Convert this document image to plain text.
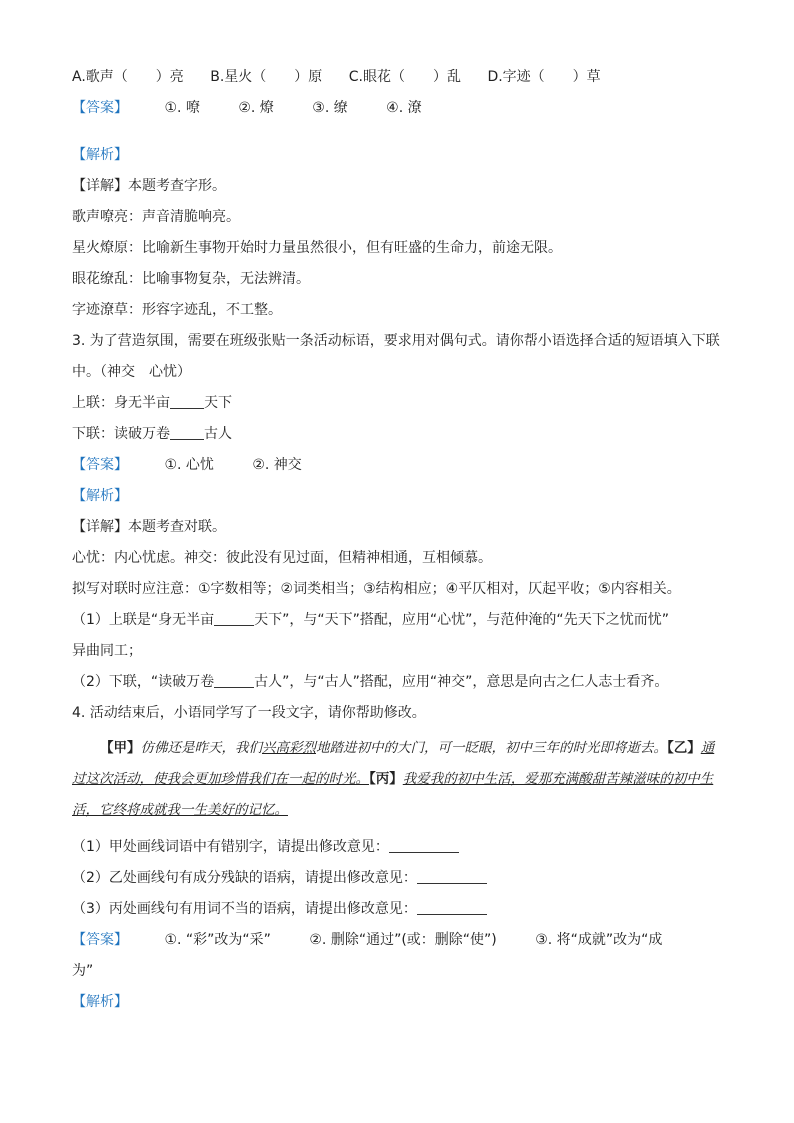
A.歌声（　　）亮 B.星火（　　）原 C.眼花（　　）乱 D.字迹（　　）草
【答案】	①. 嘹	②. 燎	③. 缭	④. 潦
【解析】
【详解】本题考查字形。
歌声嘹亮：声音清脆响亮。
星火燎原：比喻新生事物开始时力量虽然很小，但有旺盛的生命力，前途无限。
眼花缭乱：比喻事物复杂，无法辨清。
字迹潦草：形容字迹乱，不工整。
3. 为了营造氛围，需要在班级张贴一条活动标语，要求用对偶句式。请你帮小语选择合适的短语填入下联
中。（神交　心忧）
上联：身无半亩 天下
下联：读破万卷 古人
【答案】	①. 心忧	②. 神交
【解析】
【详解】本题考查对联。
心忧：内心忧虑。神交：彼此没有见过面，但精神相通，互相倾慕。
拟写对联时应注意：①字数相等；②词类相当；③结构相应；④平仄相对，仄起平收；⑤内容相关。
（1）上联是“身无半亩	天下”，与“天下”搭配，应用“心忧”，与范仲淹的“先天下之忧而忧”
异曲同工；
（2）下联，“读破万卷	古人”，与“古人”搭配，应用“神交”，意思是向古之仁人志士看齐。
4. 活动结束后，小语同学写了一段文字，请你帮助修改。
【甲】仿佛还是昨天，我们兴高彩烈地踏进初中的大门，可一眨眼，初中三年的时光即将逝去。【乙】通过这次活动，使我会更加珍惜我们在一起的时光。【丙】我爱我的初中生活，爱那充满酸甜苦辣滋味的初中生活，它终将成就我一生美好的记忆。
（1）甲处画线词语中有错别字，请提出修改意见：
（2）乙处画线句有成分残缺的语病，请提出修改意见：
（3）丙处画线句有用词不当的语病，请提出修改意见：
【答案】	①. “彩”改为“采”	②. 删除“通过”(或：删除“使”)	③. 将“成就”改为“成
为”
【解析】
